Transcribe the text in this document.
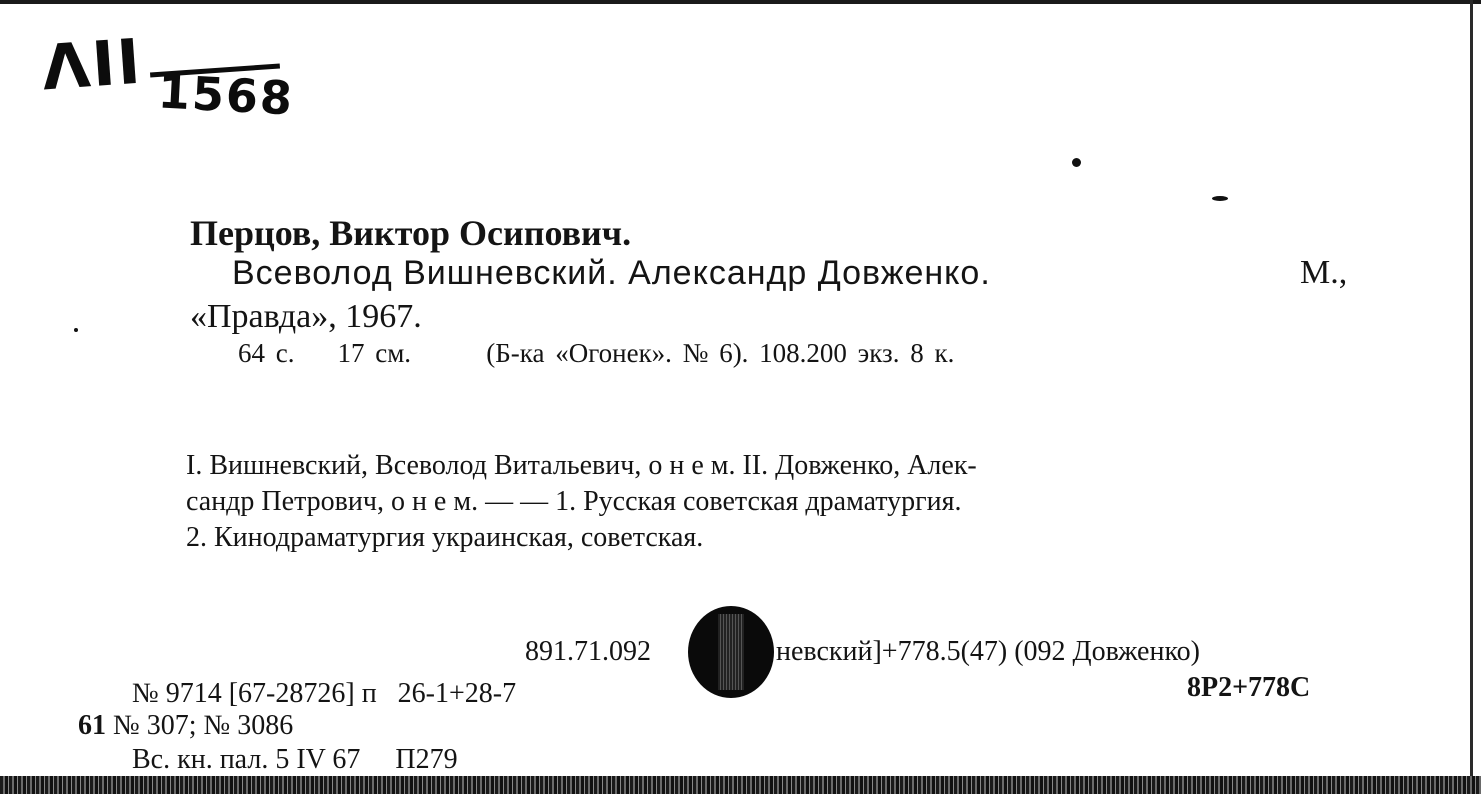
ΛΙΙ 1568
Перцов, Виктор Осипович.
Всеволод Вишневский. Александр Довженко.	М.,
«Правда», 1967.
64 с.    17 см.       (Б-ка «Огонек». № 6). 108.200 экз. 8 к.
I. Вишневский, Всеволод Витальевич, о н е м. II. Довженко, Алек-
сандр Петрович, о н е м. — — 1. Русская советская драматургия.
2. Кинодраматургия украинская, советская.
891.71.092	невский]+778.5(47) (092 Довженко)
8Р2+778С
№ 9714 [67-28726] п   26-1+28-7
61 № 307; № 3086
Вс. кн. пал. 5 IV 67     П279
